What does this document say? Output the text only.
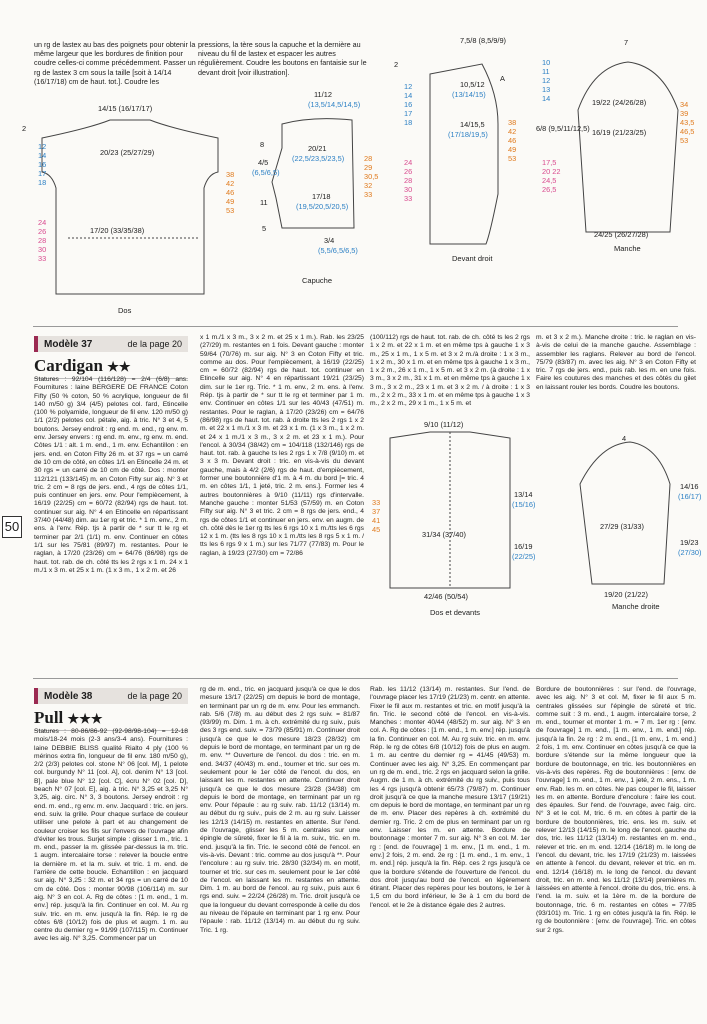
un rg de lastex au bas des poignets pour obtenir la même largeur que les bordures de finition pour coudre celles-ci comme précédemment. Passer un rg de lastex 3 cm sous la taille [soit à 14/14 (16/17/18) cm de haut. tot.]. Coudre les
pressions, la tère sous la capuche et la dernière au niveau du fil de lastex et espacer les autres régulièrement. Coudre les boutons en fantaisie sur le devant droit [voir illustration].
14/15 (16/17/17)
20/23 (25/27/29)
17/20 (33/35/38)
2
12 14 16 17 18
24 26 28 30 33
38 42 46 49 53
Dos
11/12
(13,5/14,5/14,5)
20/21
(22,5/23,5/23,5)
17/18
(19,5/20,5/20,5)
3/4
(5,5/6,5/6,5)
8
4/5
(6,5/6,5)
11
5
28 29 30,5 32 33
Capuche
7,5/8 (8,5/9/9)
10,5/12
(13/14/15)
14/15,5
(17/18/19,5)
2
A
12 14 16 17 18
24 26 28 30 33
38 42 46 49 53
Devant droit
7
10 11 12 13 14	19/22 (24/26/28)
16/19 (21/23/25)
6/8 (9,5/11/12,5)
17,5 20 22 24,5 26,5
24/25 (26/27/28)
34 39 43,5 46,5 53
Manche
50
Modèle 37	de la page 20
Cardigan ★★
Statures : 92/104 (116/128) = 2/4 (6/8) ans. Fournitures : laine BERGERE DE FRANCE Coton Fifty (50 % coton, 50 % acrylique, longueur de fil 140 m/50 g) 3/4 (4/5) pelotes col. fard, Etincelle (100 % polyamide, longueur de fil env. 120 m/50 g) 1/1 (2/2) pelotes col. pétale, aig. à tric. N° 3 et 4, 5 boutons. Jersey endroit : rg end. m. end., rg env. m. env. Jersey envers : rg end. m. env., rg env. m. end. Côtes 1/1 : alt. 1 m. end., 1 m. env. Echantillon : en jers. end. en Coton Fifty 26 m. et 37 rgs = un carré de 10 cm de côté, en côtes 1/1 en Etincelle 24 m. et 30 rgs = un carré de 10 cm de côté. Dos : monter 112/121 (133/145) m. en Coton Fifty sur aig. N° 3 et tric. 2 cm = 8 rgs de jers. end., 4 rgs de côtes 1/1, puis continuer en jers. env. Pour l'empiècement, à 16/19 (22/25) cm = 60/72 (82/94) rgs de haut. tot. continuer sur aig. N° 4 en Etincelle en répartissant 37/40 (44/48) dim. au 1er rg et tric. * 1 m. env., 2 m. ens. à l'env. Rép. tjs à partir de * sur tt le rg et terminer par 2/1 (1/1) m. env. Continuer en côtes 1/1 sur les 75/81 (89/97) m. restantes. Pour le raglan, à 17/20 (23/26) cm = 64/76 (86/98) rgs de haut. tot. rab. de ch. côté tts les 2 rgs x 1 m. 24 x 1 m./1 x 3 m. et 25 x 1 m. (1 x 3 m., 1 x 2 m. et 26
x 1 m./1 x 3 m., 3 x 2 m. et 25 x 1 m.). Rab. les 23/25 (27/29) m. restantes en 1 fois. Devant gauche : monter 59/64 (70/76) m. sur aig. N° 3 en Coton Fifty et tric. comme au dos. Pour l'empiècement, à 16/19 (22/25) cm = 60/72 (82/94) rgs de haut. tot. continuer en Etincelle sur aig. N° 4 en répartissant 19/21 (23/25) dim. sur le 1er rg. Tric. * 1 m. env., 2 m. ens. à l'env. Rép. tjs à partir de * sur tt le rg et terminer par 1 m. env. Continuer en côtes 1/1 sur les 40/43 (47/51) m. restantes. Pour le raglan, à 17/20 (23/26) cm = 64/76 (86/98) rgs de haut. tot. rab. à droite tts les 2 rgs 1 x 2 m. et 22 x 1 m./1 x 3 m. et 23 x 1 m. (1 x 3 m., 1 x 2 m. et 24 x 1 m./1 x 3 m., 3 x 2 m. et 23 x 1 m.). Pour l'encol. à 30/34 (38/42) cm = 104/118 (132/146) rgs de haut. tot. rab. à gauche ts les 2 rgs 1 x 7/8 (9/10) m. et 3 x 3 m. Devant droit : tric. en vis-à-vis du devant gauche, mais à 4/2 (2/6) rgs de haut. d'empiècement, former une boutonnière d'1 m. à 4 m. du bord [= tric. 4 m. en côtes 1/1, 1 jeté, tric. 2 m. ens.]. Former les 4 autres boutonnières à 9/10 (11/11) rgs d'intervalle. Manche gauche : monter 51/53 (57/59) m. en Coton Fifty sur aig. N° 3 et tric. 2 cm = 8 rgs de jers. end., 4 rgs de côtes 1/1 et continuer en jers. env. en augm. de ch. côté dès le 1er rg tts les 6 rgs 10 x 1 m./tts les 6 rgs 12 x 1 m. (tts les 8 rgs 10 x 1 m./tts les 8 rgs 5 x 1 m. / tts les 6 rgs 9 x 1 m.) sur les 71/77 (77/83) m. Pour le raglan, à 19/23 (27/30) cm = 72/86
(100/112) rgs de haut. tot. rab. de ch. côté ts les 2 rgs 1 x 2 m. et 22 x 1 m. et en même tps à gauche 1 x 3 m., 25 x 1 m., 1 x 5 m. et 3 x 2 m./à droite : 1 x 3 m., 1 x 2 m., 30 x 1 m. et en même tps à gauche 1 x 3 m., 1 x 2 m., 26 x 1 m., 1 x 5 m. et 3 x 2 m. (à droite : 1 x 3 m., 3 x 2 m., 31 x 1 m. et en même tps à gauche 1 x 3 m., 3 x 2 m., 23 x 1 m. et 3 x 2 m. / à droite : 1 x 3 m., 2 x 2 m., 33 x 1 m. et en même tps à gauche 1 x 3 m., 2 x 2 m., 29 x 1 m., 1 x 5 m. et
m. et 3 x 2 m.). Manche droite : tric. le raglan en vis-à-vis de celui de la manche gauche. Assemblage : assembler les raglans. Relever au bord de l'encol. 75/79 (83/87) m. avec les aig. N° 3 en Coton Fifty et tric. 7 rgs de jers. end., puis rab. les m. en une fois. Faire les coutures des manches et des côtés du gilet en laissant rouler les bords. Coudre les boutons.
9/10 (11/12)
31/34 (37/40)
42/46 (50/54)
33 37 41 45
13/14
(15/16)
16/19
(22/25)
Dos et devants
4
14/16
(16/17)
27/29 (31/33)
19/23
(27/30)
19/20 (21/22)
Manche droite
Modèle 38	de la page 20
Pull ★★★
Statures : 80-86/86-92 (92-98/98-104) = 12-18 mois/18-24 mois (2-3 ans/3-4 ans). Fournitures : laine DEBBIE BLISS qualité Rialto 4 ply (100 % mérinos extra fin, longueur de fil env. 180 m/50 g), 2/2 (2/3) pelotes col. stone N° 06 [col. M], 1 pelote col. burgundy N° 11 [col. A], col. denim N° 13 [col. B], pale blue N° 12 [col. C], écru N° 02 [col. D], beach N° 07 [col. E], aig. à tric. N° 3,25 et 3,25 N° 3,25, aig. circ. N° 3, 3 boutons. Jersey endroit : rg end. m. end., rg env. m. env. Jacquard : tric. en jers. end. suiv. la grille. Pour chaque surface de couleur utiliser une pelote à part et au changement de couleur croiser les fils sur l'envers de l'ouvrage afin d'éviter les trous. Surjet simple : glisser 1 m., tric. 1 m. end., passer la m. glissée par-dessus la m. tric. 1 augm. intercalaire torse : relever la boucle entre la dernière m. et la m. suiv. et tric. 1 m. end. de l'arrière de cette boucle. Echantillon : en jacquard sur aig. N° 3,25 : 32 m. et 34 rgs = un carré de 10 cm de côté. Dos : monter 90/98 (106/114) m. sur aig. N° 3 en col. A. Rg de côtes : [1 m. end., 1 m. env.] rép. jusqu'à la fin. Continuer en col. M. Au rg suiv. tric. en m. env. jusqu'à la fin. Rép. le rg de côtes 6/8 (10/12) fois de plus et augm. 1 m. au centre du dernier rg = 91/99 (107/115) m. Continuer avec les aig. N° 3,25. Commencer par un
rg de m. end., tric. en jacquard jusqu'à ce que le dos mesure 13/17 (22/25) cm depuis le bord de montage, en terminant par un rg de m. env. Pour les emmanch. rab. 5/6 (7/8) m. au début des 2 rgs suiv. = 81/87 (93/99) m. Dim. 1 m. à ch. extrémité du rg suiv., puis des 3 rgs end. suiv. = 73/79 (85/91) m. Continuer droit jusqu'à ce que le dos mesure 18/23 (28/32) cm depuis le bord de montage, en terminant par un rg de m. env. ** Ouverture de l'encol. du dos : tric. en m. end. 34/37 (40/43) m. end., tourner et tric. sur ces m. seulement pour le 1er côté de l'encol. du dos, en laissant les m. restantes en attente. Continuer droit jusqu'à ce que le dos mesure 23/28 (34/38) cm depuis le bord de montage, en terminant par un rg env. Pour l'épaule : au rg suiv. rab. 11/12 (13/14) m. au début du rg suiv., puis de 2 m. au rg suiv. Laisser les 12/13 (14/15) m. restantes en attente. Sur l'end. de l'ouvrage, glisser les 5 m. centrales sur une épingle de sûreté, fixer le fil à la m. suiv., tric. en m. end. jusqu'à la fin. Tric. le second côté de l'encol. en vis-à-vis. Devant : tric. comme au dos jusqu'à **. Pour l'encolure : au rg suiv. tric. 28/30 (32/34) m. en motif, tourner et tric. sur ces m. seulement pour le 1er côté de l'encol. en laissant les m. restantes en attente. Dim. 1 m. au bord de l'encol. au rg suiv., puis aux 6 rgs end. suiv. = 22/24 (26/28) m. Tric. droit jusqu'à ce que la longueur du devant corresponde à celle du dos au niveau de l'épaule en terminant par 1 rg env. Pour l'épaule : rab. 11/12 (13/14) m. au début du rg suiv. Tric. 1 rg.
Rab. les 11/12 (13/14) m. restantes. Sur l'end. de l'ouvrage placer les 17/19 (21/23) m. centr. en attente. Fixer le fil aux m. restantes et tric. en motif jusqu'à la fin. Tric. le second côté de l'encol. en vis-à-vis. Manches : monter 40/44 (48/52) m. sur aig. N° 3 en col. A. Rg de côtes : [1 m. end., 1 m. env.] rép. jusqu'à la fin. Continuer en col. M. Au rg suiv. tric. en m. env. Rép. le rg de côtes 6/8 (10/12) fois de plus en augm. 1 m. au centre du dernier rg = 41/45 (49/53) m. Continuer avec les aig. N° 3,25. En commençant par un rg de m. end., tric. 2 rgs en jacquard selon la grille. Augm. de 1 m. à ch. extrémité du rg suiv., puis tous les 4 rgs jusqu'à obtenir 65/73 (79/87) m. Continuer droit jusqu'à ce que la manche mesure 13/17 (19/21) cm depuis le bord de montage, en terminant par un rg de m. env. Placer des repères à ch. extrémité du dernier rg. Tric. 2 cm de plus en terminant par un rg env. Laisser les m. en attente. Bordure de boutonnage : monter 7 m. sur aig. N° 3 en col. M. 1er rg : [end. de l'ouvrage] 1 m. env., [1 m. end., 1 m. env.] 2 fois, 2 m. end. 2e rg : [1 m. end., 1 m. env., 1 m. end.] rép. jusqu'à la fin. Rép. ces 2 rgs jusqu'à ce que la bordure s'étende de l'ouverture de l'encol. du dos droit jusqu'au bord de l'encol. en légèrement étirant. Placer des repères pour les boutons, le 1er à 1,5 cm du bord inférieur, le 3e à 1 cm du bord de l'encol. et le 2e à distance égale des 2 autres.
Bordure de boutonnières : sur l'end. de l'ouvrage, avec les aig. N° 3 et col. M, fixer le fil aux 5 m. centrales glissées sur l'épingle de sûreté et tric. comme suit : 3 m. end., 1 augm. intercalaire torse, 2 m. end., tourner et monter 1 m. = 7 m. 1er rg : [env. de l'ouvrage] 1 m. end., [1 m. env., 1 m. end.] rép. jusqu'à la fin. 2e rg : 2 m. end., [1 m. env., 1 m. end.] 2 fois, 1 m. env. Continuer en côtes jusqu'à ce que la bordure s'étende sur la même longueur que la bordure de boutonnage, en tric. les boutonnières en vis-à-vis des repères. Rg de boutonnières : [env. de l'ouvrage] 1 m. end., 1 m. env., 1 jeté, 2 m. ens., 1 m. env. Rab. les m. en côtes. Ne pas couper le fil, laisser les m. en attente. Bordure d'encolure : faire les cout. des épaules. Sur l'end. de l'ouvrage, avec l'aig. circ. N° 3 et le col. M, tric. 6 m. en côtes à partir de la bordure de boutonnières, tric. ens. les m. suiv. et relever 12/13 (14/15) m. le long de l'encol. gauche du dos, tric. les 11/12 (13/14) m. restantes en m. end., relever et tric. en m. end. 12/14 (16/18) m. le long de l'encol. du devant, tric. les 17/19 (21/23) m. laissées en attente à l'encol. du devant, relever et tric. en m. end. 12/14 (16/18) m. le long de l'encol. du devant droit, tric. en m. end. les 11/12 (13/14) premières m. laissées en attente à l'encol. droite du dos, tric. ens. à l'end. la m. suiv. et la 1ère m. de la bordure de boutonnage, tric. 6 m. restantes en côtes = 77/85 (93/101) m. Tric. 1 rg en côtes jusqu'à la fin. Rép. le rg de boutonnière : [env. de l'ouvrage]. Tric. en côtes sur 2 rgs.
